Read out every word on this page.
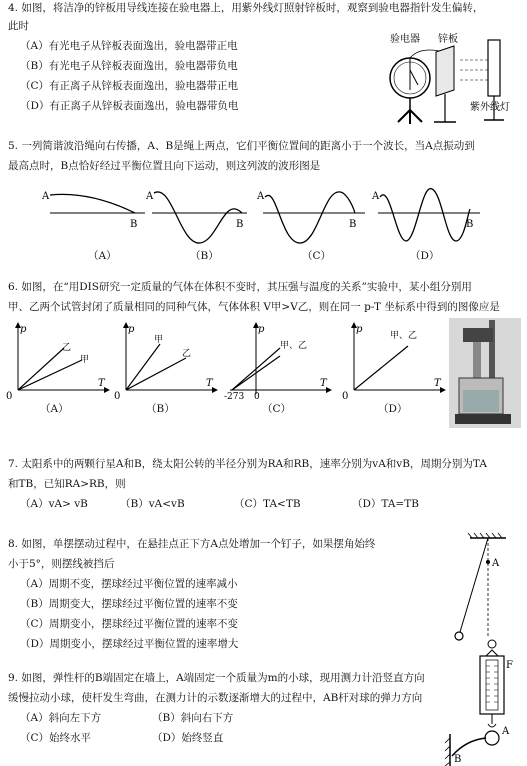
4. 如图，将洁净的锌板用导线连接在验电器上，用紫外线灯照射锌板时，观察到验电器指针发生偏转，
此时
（A）有光电子从锌板表面逸出，验电器带正电
（B）有光电子从锌板表面逸出，验电器带负电
（C）有正离子从锌板表面逸出，验电器带正电
（D）有正离子从锌板表面逸出，验电器带负电
验电器 锌板
紫外线灯
5. 一列简谐波沿绳向右传播，A、B是绳上两点，它们平衡位置间的距离小于一个波长，当A点振动到
最高点时，B点恰好经过平衡位置且向下运动，则这列波的波形图是
A
B
A
B
A
B
A
B
（A）	（B）	（C）	（D）
6. 如图，在“用DIS研究一定质量的气体在体积不变时，其压强与温度的关系”实验中，某小组分别用
甲、乙两个试管封闭了质量相同的同种气体，气体体积 V甲>V乙，则在同一 p-T 坐标系中得到的图像应是
p
T
0
乙
甲
p
T
0
甲
乙
p
T
-273 0
甲、乙
p
T
0
甲、乙
（A）	（B）	（C）	（D）
7. 太阳系中的两颗行星A和B，绕太阳公转的半径分别为RA和RB，速率分别为vA和vB，周期分别为TA
和TB，已知RA>RB，则
（A）vA> vB	（B）vA<vB	（C）TA<TB	（D）TA=TB
8. 如图，单摆摆动过程中，在悬挂点正下方A点处增加一个钉子，如果摆角始终
小于5°，则摆线被挡后
（A）周期不变，摆球经过平衡位置的速率减小
（B）周期变大，摆球经过平衡位置的速率不变
（C）周期变小，摆球经过平衡位置的速率不变
（D）周期变小，摆球经过平衡位置的速率增大
A
9. 如图，弹性杆的B端固定在墙上，A端固定一个质量为m的小球，现用测力计沿竖直方向
缓慢拉动小球，使杆发生弯曲，在测力计的示数逐渐增大的过程中，AB杆对球的弹力方向
（A）斜向左下方	（B）斜向右下方
（C）始终水平	（D）始终竖直
F
A
B
